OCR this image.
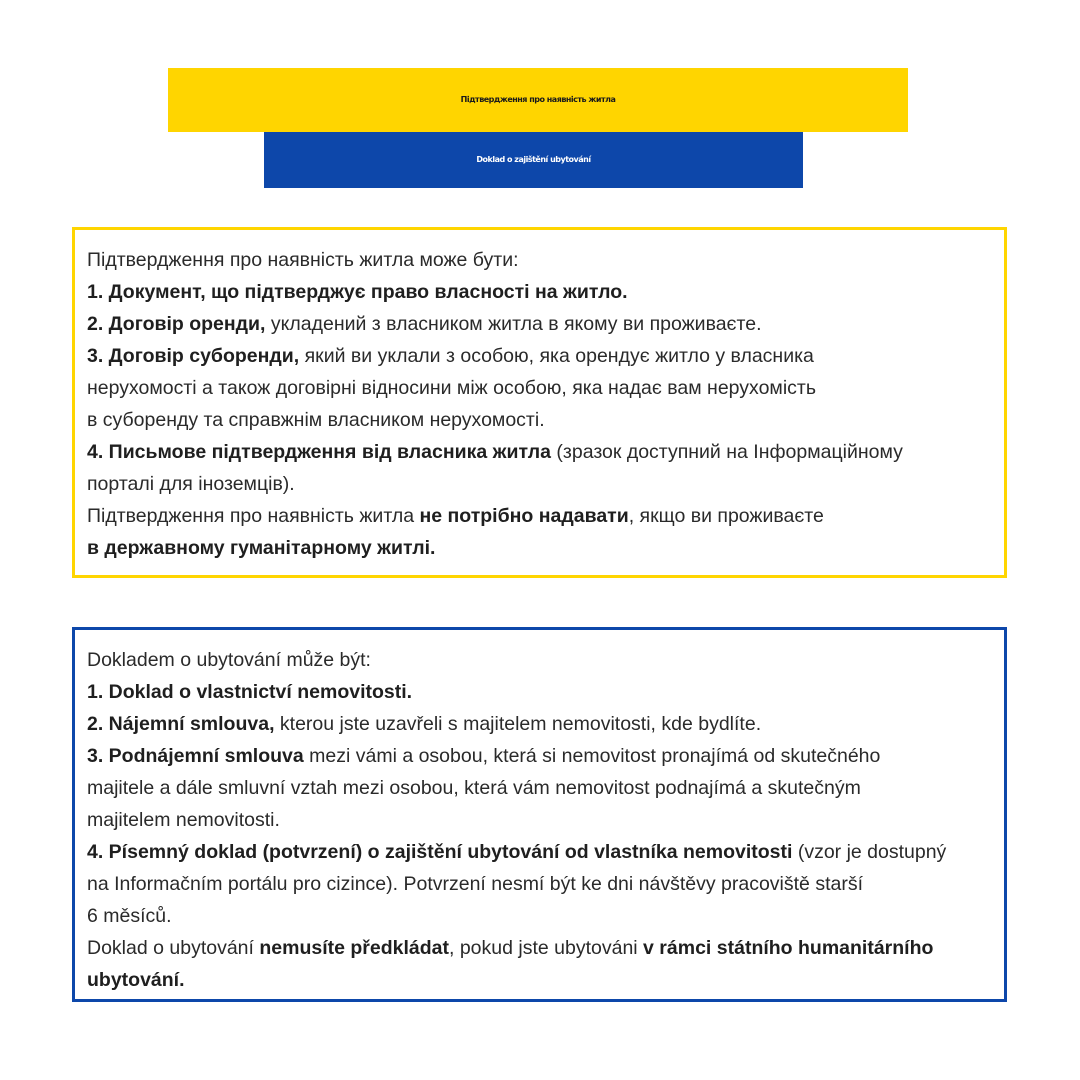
Підтвердження про наявність житла
Doklad o zajištění ubytování

Підтвердження про наявність житла може бути:

1. Документ, що підтверджує право власності на житло.

2. Договір оренди, укладений з власником житла в якому ви проживаєте.

3. Договір суборенди, який ви уклали з особою, яка орендує житло у власника
нерухомості а також договірні відносини між особою, яка надає вам нерухомість
в суборенду та справжнім власником нерухомості.

4. Письмове підтвердження від власника житла (зразок доступний на Інформаційному
порталі для іноземців).

Підтвердження про наявність житла не потрібно надавати, якщо ви проживаєте
в державному гуманітарному житлі.

Dokladem o ubytování může být:

1. Doklad o vlastnictví nemovitosti.

2. Nájemní smlouva, kterou jste uzavřeli s majitelem nemovitosti, kde bydlíte.

3. Podnájemní smlouva mezi vámi a osobou, která si nemovitost pronajímá od skutečného
majitele a dále smluvní vztah mezi osobou, která vám nemovitost podnajímá a skutečným
majitelem nemovitosti.

4. Písemný doklad (potvrzení) o zajištění ubytování od vlastníka nemovitosti (vzor je dostupný
na Informačním portálu pro cizince). Potvrzení nesmí být ke dni návštěvy pracoviště starší
6 měsíců.

Doklad o ubytování nemusíte předkládat, pokud jste ubytováni v rámci státního humanitárního
ubytování.
